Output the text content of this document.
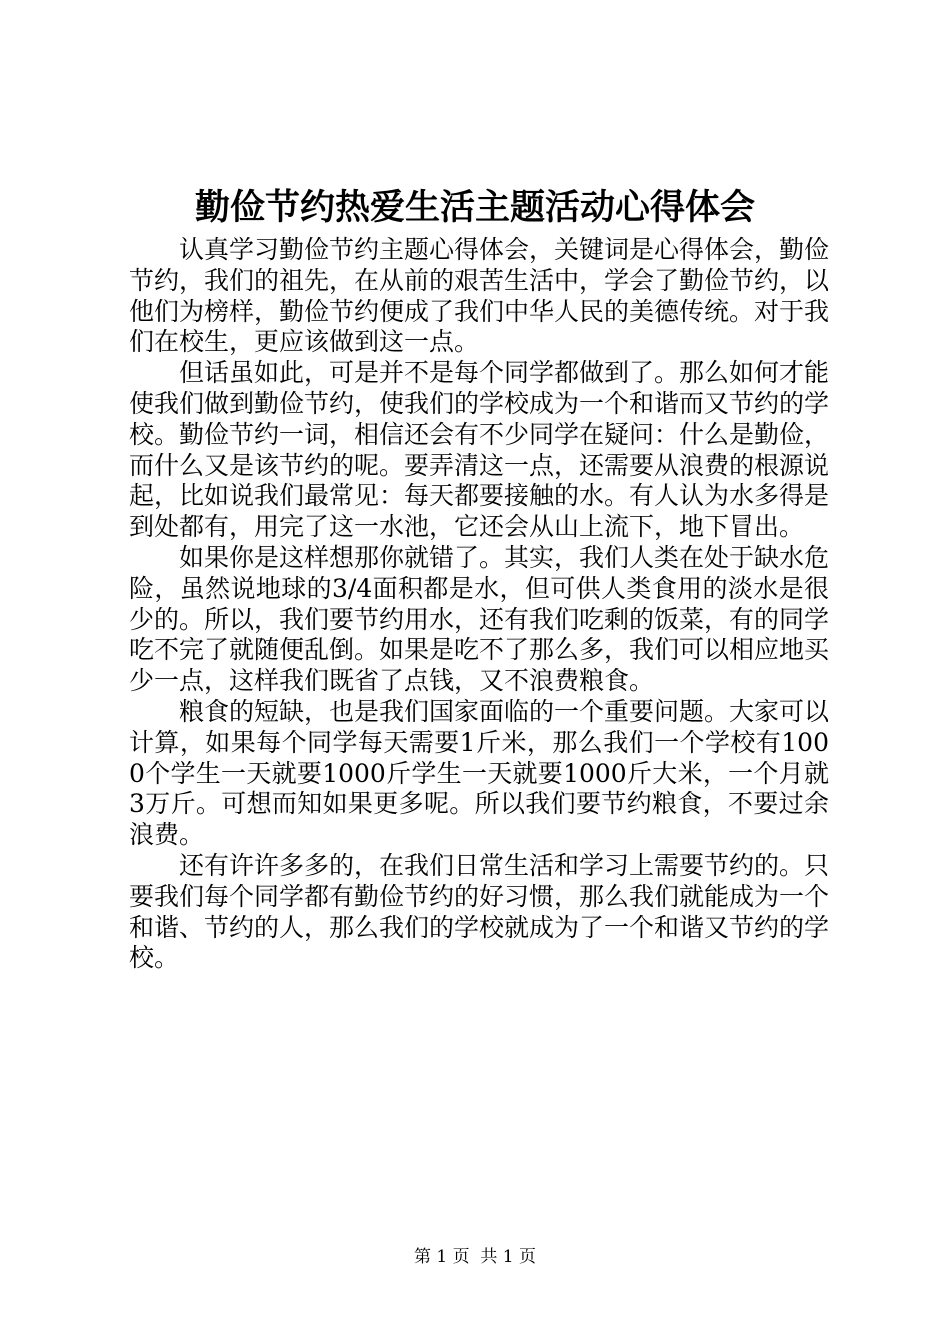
勤俭节约热爱生活主题活动心得体会

认真学习勤俭节约主题心得体会，关键词是心得体会，勤俭节约，我们的祖先，在从前的艰苦生活中，学会了勤俭节约，以他们为榜样，勤俭节约便成了我们中华人民的美德传统。对于我们在校生，更应该做到这一点。

但话虽如此，可是并不是每个同学都做到了。那么如何才能使我们做到勤俭节约，使我们的学校成为一个和谐而又节约的学校。勤俭节约一词，相信还会有不少同学在疑问：什么是勤俭，而什么又是该节约的呢。要弄清这一点，还需要从浪费的根源说起，比如说我们最常见：每天都要接触的水。有人认为水多得是到处都有，用完了这一水池，它还会从山上流下，地下冒出。

如果你是这样想那你就错了。其实，我们人类在处于缺水危险，虽然说地球的3/4面积都是水，但可供人类食用的淡水是很少的。所以，我们要节约用水，还有我们吃剩的饭菜，有的同学吃不完了就随便乱倒。如果是吃不了那么多，我们可以相应地买少一点，这样我们既省了点钱，又不浪费粮食。

粮食的短缺，也是我们国家面临的一个重要问题。大家可以计算，如果每个同学每天需要1斤米，那么我们一个学校有1000个学生一天就要1000斤学生一天就要1000斤大米，一个月就3万斤。可想而知如果更多呢。所以我们要节约粮食，不要过余浪费。

还有许许多多的，在我们日常生活和学习上需要节约的。只要我们每个同学都有勤俭节约的好习惯，那么我们就能成为一个和谐、节约的人，那么我们的学校就成为了一个和谐又节约的学校。

第 1 页 共 1 页
